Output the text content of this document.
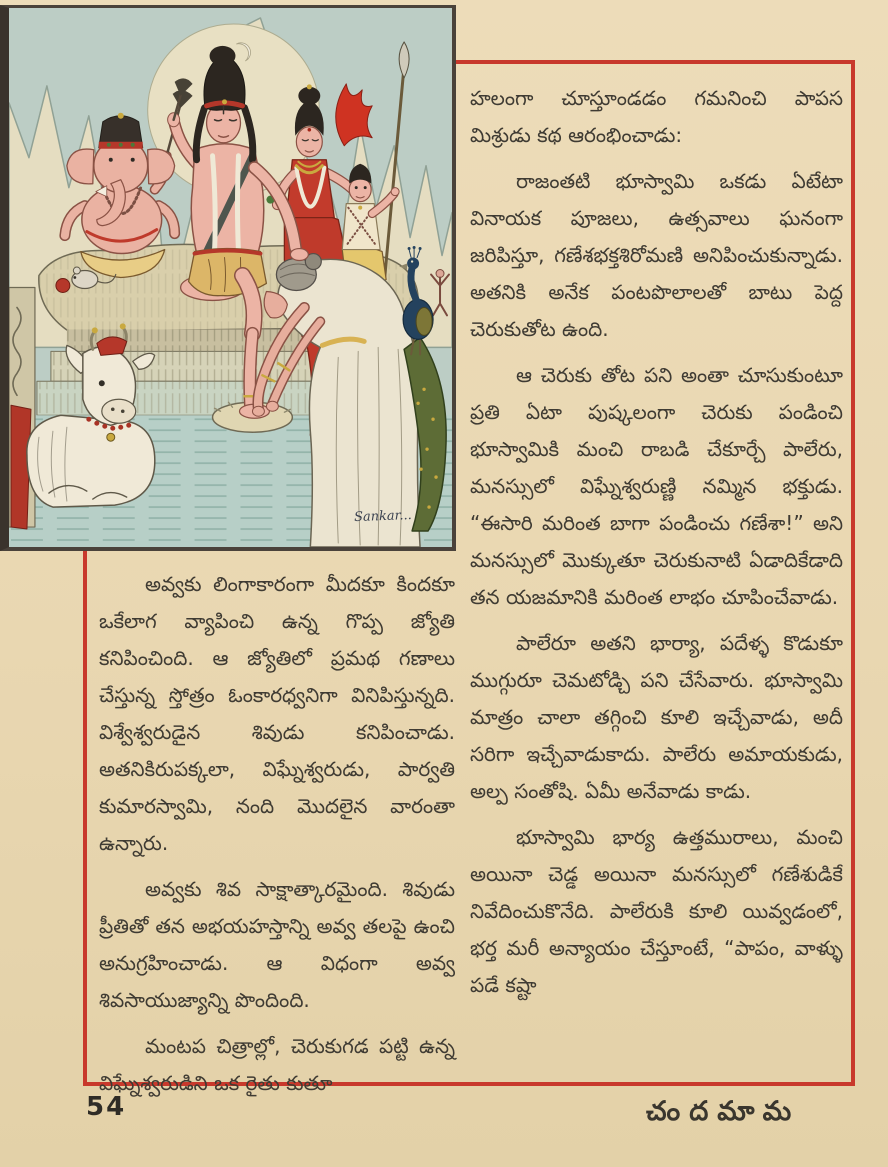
Sankar...

అవ్వకు లింగాకారంగా మీదకూ కిందకూ ఒకేలాగ వ్యాపించి ఉన్న గొప్ప జ్యోతి కనిపించింది. ఆ జ్యోతిలో ప్రమథ గణాలు చేస్తున్న స్తోత్రం ఓంకారధ్వనిగా వినిపిస్తున్నది. విశ్వేశ్వరుడైన శివుడు కనిపించాడు. అతనికిరుపక్కలా, విఘ్నేశ్వరుడు, పార్వతి కుమారస్వామి, నంది మొదలైన వారంతా ఉన్నారు.

అవ్వకు శివ సాక్షాత్కారమైంది. శివుడు ప్రీతితో తన అభయహస్తాన్ని అవ్వ తలపై ఉంచి అనుగ్రహించాడు. ఆ విధంగా అవ్వ శివసాయుజ్యాన్ని పొందింది.

మంటప చిత్రాల్లో, చెరుకుగడ పట్టి ఉన్న విఘ్నేశ్వరుడిని ఒక రైతు కుతూ

హలంగా చూస్తూండడం గమనించి పాపస మిశ్రుడు కథ ఆరంభించాడు:

రాజంతటి భూస్వామి ఒకడు ఏటేటా వినాయక పూజలు, ఉత్సవాలు ఘనంగా జరిపిస్తూ, గణేశభక్తశిరోమణి అనిపించుకున్నాడు. అతనికి అనేక పంటపొలాలతో బాటు పెద్ద చెరుకుతోట ఉంది.

ఆ చెరుకు తోట పని అంతా చూసుకుంటూ ప్రతి ఏటా పుష్కలంగా చెరుకు పండించి భూస్వామికి మంచి రాబడి చేకూర్చే పాలేరు, మనస్సులో విఘ్నేశ్వరుణ్ణి నమ్మిన భక్తుడు. “ఈసారి మరింత బాగా పండించు గణేశా!” అని మనస్సులో మొక్కుతూ చెరుకునాటి ఏడాదికేడాది తన యజమానికి మరింత లాభం చూపించేవాడు.

పాలేరూ అతని భార్యా, పదేళ్ళ కొడుకూ ముగ్గురూ చెమటోడ్చి పని చేసేవారు. భూస్వామి మాత్రం చాలా తగ్గించి కూలి ఇచ్చేవాడు, అదీ సరిగా ఇచ్చేవాడుకాదు. పాలేరు అమాయకుడు, అల్ప సంతోషి. ఏమీ అనేవాడు కాడు.

భూస్వామి భార్య ఉత్తమురాలు, మంచి అయినా చెడ్డ అయినా మనస్సులో గణేశుడికే నివేదించుకొనేది. పాలేరుకి కూలి యివ్వడంలో, భర్త మరీ అన్యాయం చేస్తూంటే, “పాపం, వాళ్ళు పడే కష్టా

54	చందమామ
